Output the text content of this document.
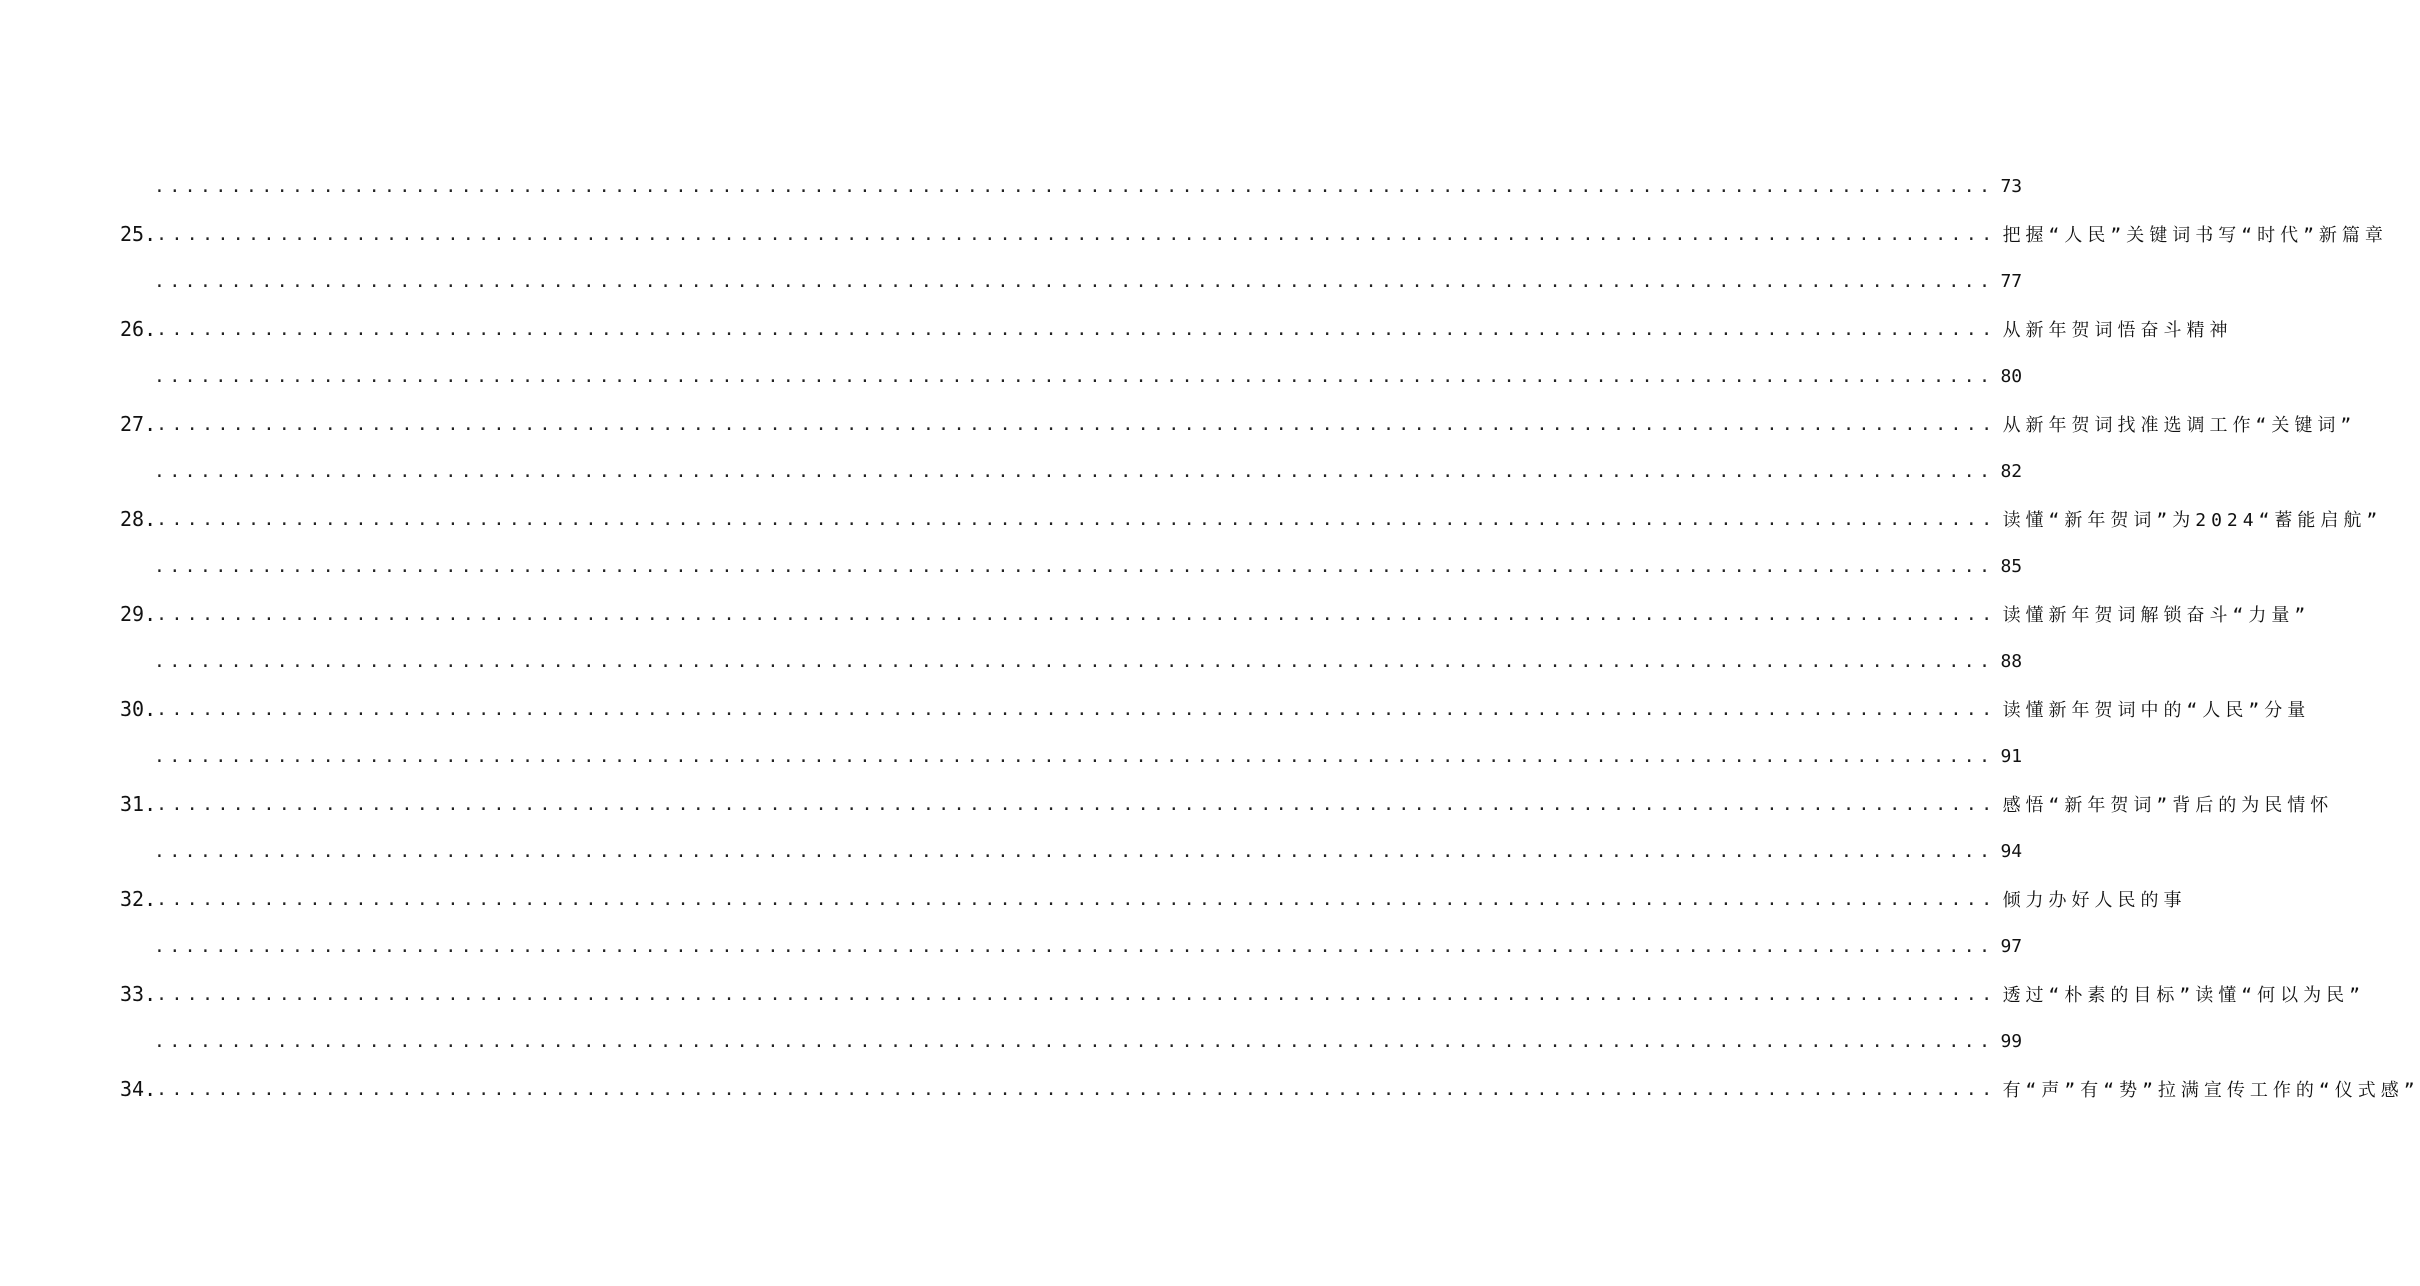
........................................................................................................................ 73
25. ........................................................................................................................ 把握“人民”关键词书写“时代”新篇章
........................................................................................................................ 77
26. ........................................................................................................................ 从新年贺词悟奋斗精神
........................................................................................................................ 80
27. ........................................................................................................................ 从新年贺词找准选调工作“关键词”
........................................................................................................................ 82
28. ........................................................................................................................ 读懂“新年贺词”为2024“蓄能启航”
........................................................................................................................ 85
29. ........................................................................................................................ 读懂新年贺词解锁奋斗“力量”
........................................................................................................................ 88
30. ........................................................................................................................ 读懂新年贺词中的“人民”分量
........................................................................................................................ 91
31. ........................................................................................................................ 感悟“新年贺词”背后的为民情怀
........................................................................................................................ 94
32. ........................................................................................................................ 倾力办好人民的事
........................................................................................................................ 97
33. ........................................................................................................................ 透过“朴素的目标”读懂“何以为民”
........................................................................................................................ 99
34. ........................................................................................................................ 有“声”有“势”拉满宣传工作的“仪式感”
